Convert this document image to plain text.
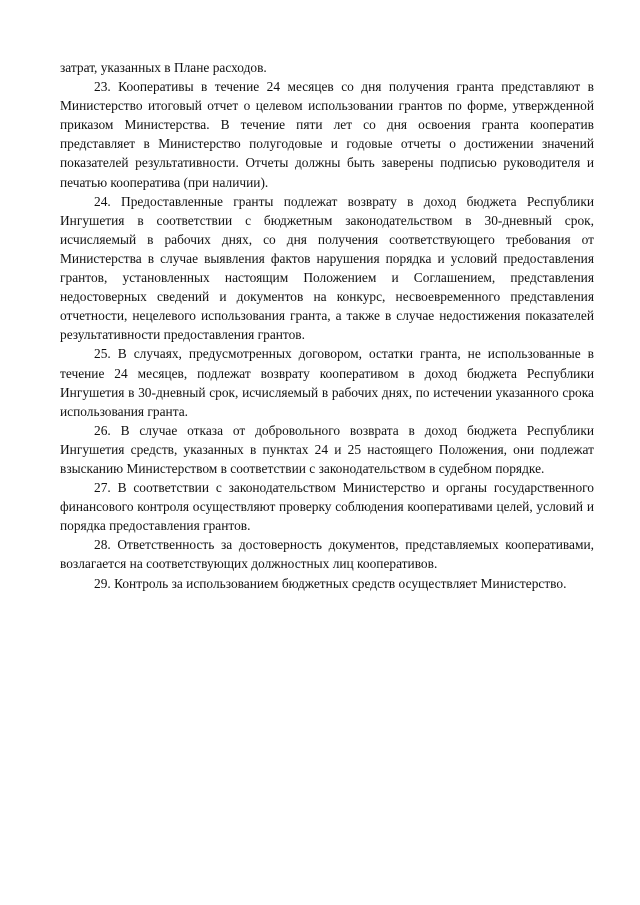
затрат, указанных в Плане расходов.

23. Кооперативы в течение 24 месяцев со дня получения гранта представляют в Министерство итоговый отчет о целевом использовании грантов по форме, утвержденной приказом Министерства. В течение пяти лет со дня освоения гранта кооператив представляет в Министерство полугодовые и годовые отчеты о достижении значений показателей результативности. Отчеты должны быть заверены подписью руководителя и печатью кооператива (при наличии).

24. Предоставленные гранты подлежат возврату в доход бюджета Республики Ингушетия в соответствии с бюджетным законодательством в 30-дневный срок, исчисляемый в рабочих днях, со дня получения соответствующего требования от Министерства в случае выявления фактов нарушения порядка и условий предоставления грантов, установленных настоящим Положением и Соглашением, представления недостоверных сведений и документов на конкурс, несвоевременного представления отчетности, нецелевого использования гранта, а также в случае недостижения показателей результативности предоставления грантов.

25. В случаях, предусмотренных договором, остатки гранта, не использованные в течение 24 месяцев, подлежат возврату кооперативом в доход бюджета Республики Ингушетия в 30-дневный срок, исчисляемый в рабочих днях, по истечении указанного срока использования гранта.

26. В случае отказа от добровольного возврата в доход бюджета Республики Ингушетия средств, указанных в пунктах 24 и 25 настоящего Положения, они подлежат взысканию Министерством в соответствии с законодательством в судебном порядке.

27. В соответствии с законодательством Министерство и органы государственного финансового контроля осуществляют проверку соблюдения кооперативами целей, условий и порядка предоставления грантов.

28. Ответственность за достоверность документов, представляемых кооперативами, возлагается на соответствующих должностных лиц кооперативов.

29. Контроль за использованием бюджетных средств осуществляет Министерство.
